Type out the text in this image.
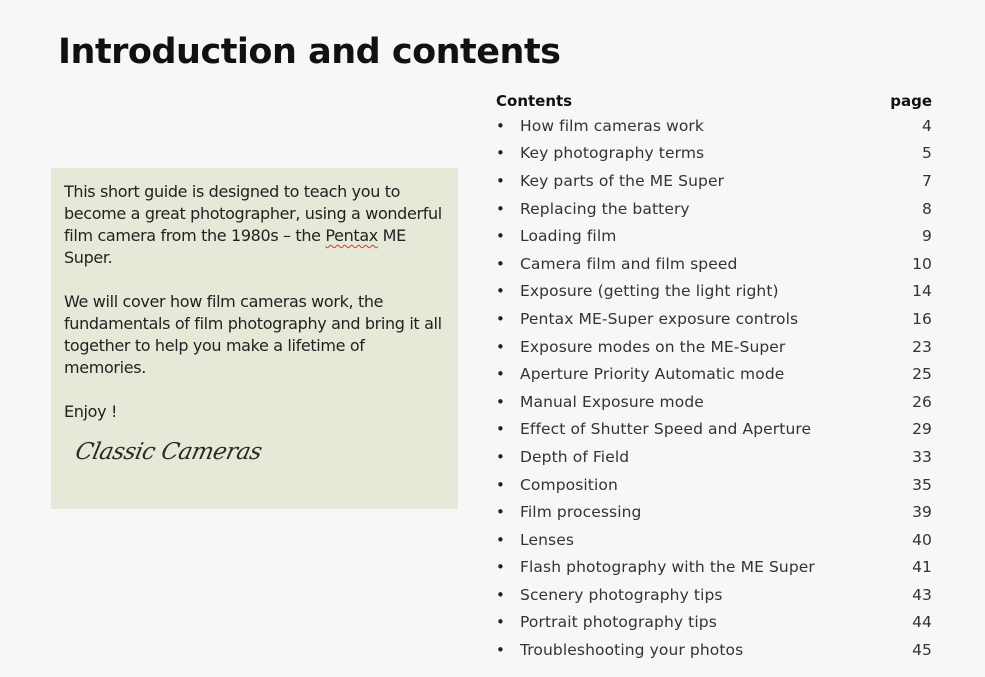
Introduction and contents

This short guide is designed to teach you to become a great photographer, using a wonderful film camera from the 1980s – the Pentax ME Super.

We will cover how film cameras work, the fundamentals of film photography and bring it all together to help you make a lifetime of memories.

Enjoy !

Classic Cameras
Contents	page
• How film cameras work	4
• Key photography terms	5
• Key parts of the ME Super	7
• Replacing the battery	8
• Loading film	9
• Camera film and film speed	10
• Exposure (getting the light right)	14
• Pentax ME-Super exposure controls	16
• Exposure modes on the ME-Super	23
• Aperture Priority Automatic mode	25
• Manual Exposure mode	26
• Effect of Shutter Speed and Aperture	29
• Depth of Field	33
• Composition	35
• Film processing	39
• Lenses	40
• Flash photography with the ME Super	41
• Scenery photography tips	43
• Portrait photography tips	44
• Troubleshooting your photos	45
